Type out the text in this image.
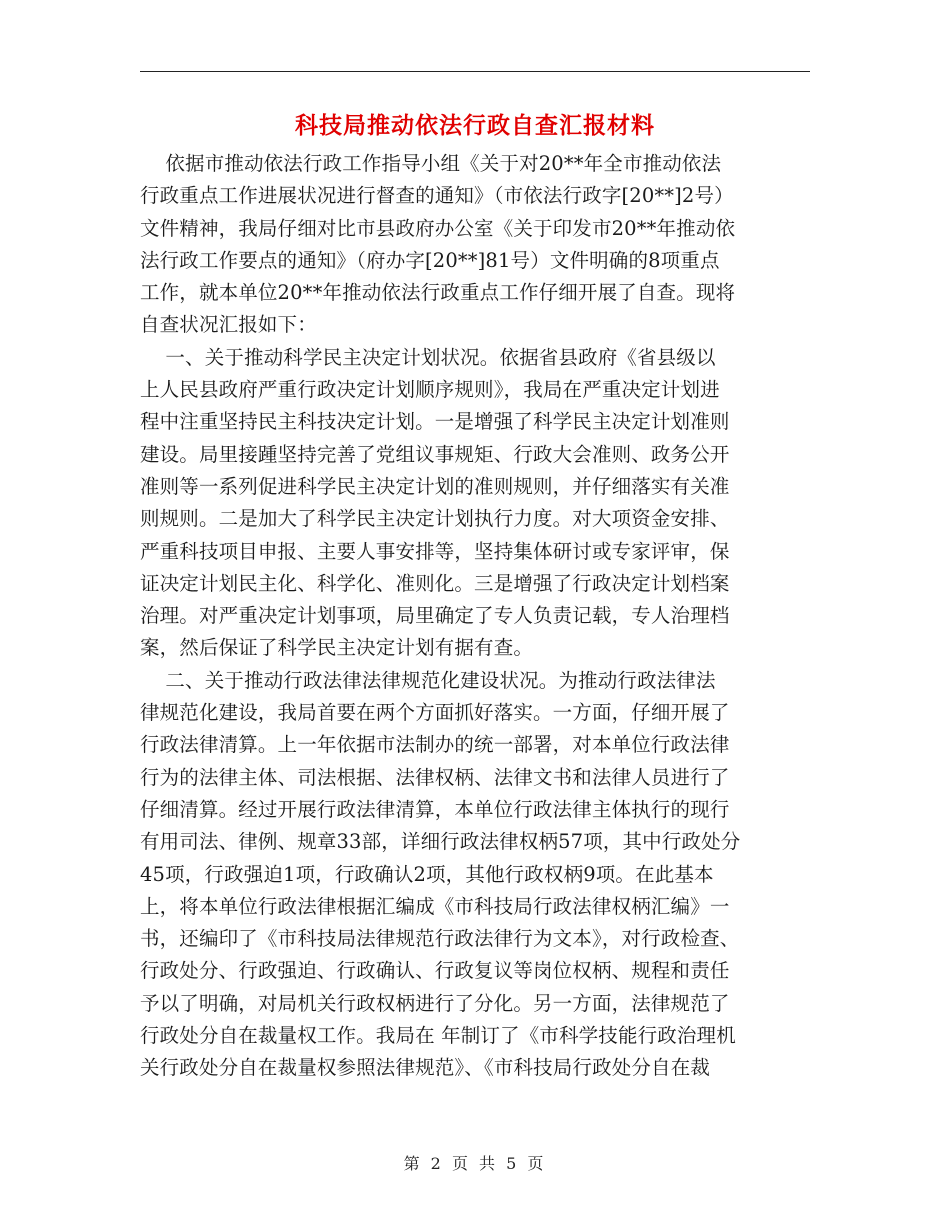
科技局推动依法行政自查汇报材料
依据市推动依法行政工作指导小组《关于对20**年全市推动依法
行政重点工作进展状况进行督查的通知》（市依法行政字[20**]2号）
文件精神，我局仔细对比市县政府办公室《关于印发市20**年推动依
法行政工作要点的通知》（府办字[20**]81号）文件明确的8项重点
工作，就本单位20**年推动依法行政重点工作仔细开展了自查。现将
自查状况汇报如下：
一、关于推动科学民主决定计划状况。依据省县政府《省县级以
上人民县政府严重行政决定计划顺序规则》，我局在严重决定计划进
程中注重坚持民主科技决定计划。一是增强了科学民主决定计划准则
建设。局里接踵坚持完善了党组议事规矩、行政大会准则、政务公开
准则等一系列促进科学民主决定计划的准则规则，并仔细落实有关准
则规则。二是加大了科学民主决定计划执行力度。对大项资金安排、
严重科技项目申报、主要人事安排等，坚持集体研讨或专家评审，保
证决定计划民主化、科学化、准则化。三是增强了行政决定计划档案
治理。对严重决定计划事项，局里确定了专人负责记载，专人治理档
案，然后保证了科学民主决定计划有据有查。
二、关于推动行政法律法律规范化建设状况。为推动行政法律法
律规范化建设，我局首要在两个方面抓好落实。一方面，仔细开展了
行政法律清算。上一年依据市法制办的统一部署，对本单位行政法律
行为的法律主体、司法根据、法律权柄、法律文书和法律人员进行了
仔细清算。经过开展行政法律清算，本单位行政法律主体执行的现行
有用司法、律例、规章33部，详细行政法律权柄57项，其中行政处分
45项，行政强迫1项，行政确认2项，其他行政权柄9项。在此基本
上，将本单位行政法律根据汇编成《市科技局行政法律权柄汇编》一
书，还编印了《市科技局法律规范行政法律行为文本》，对行政检查、
行政处分、行政强迫、行政确认、行政复议等岗位权柄、规程和责任
予以了明确，对局机关行政权柄进行了分化。另一方面，法律规范了
行政处分自在裁量权工作。我局在 年制订了《市科学技能行政治理机
关行政处分自在裁量权参照法律规范》、《市科技局行政处分自在裁
第 2 页 共 5 页
